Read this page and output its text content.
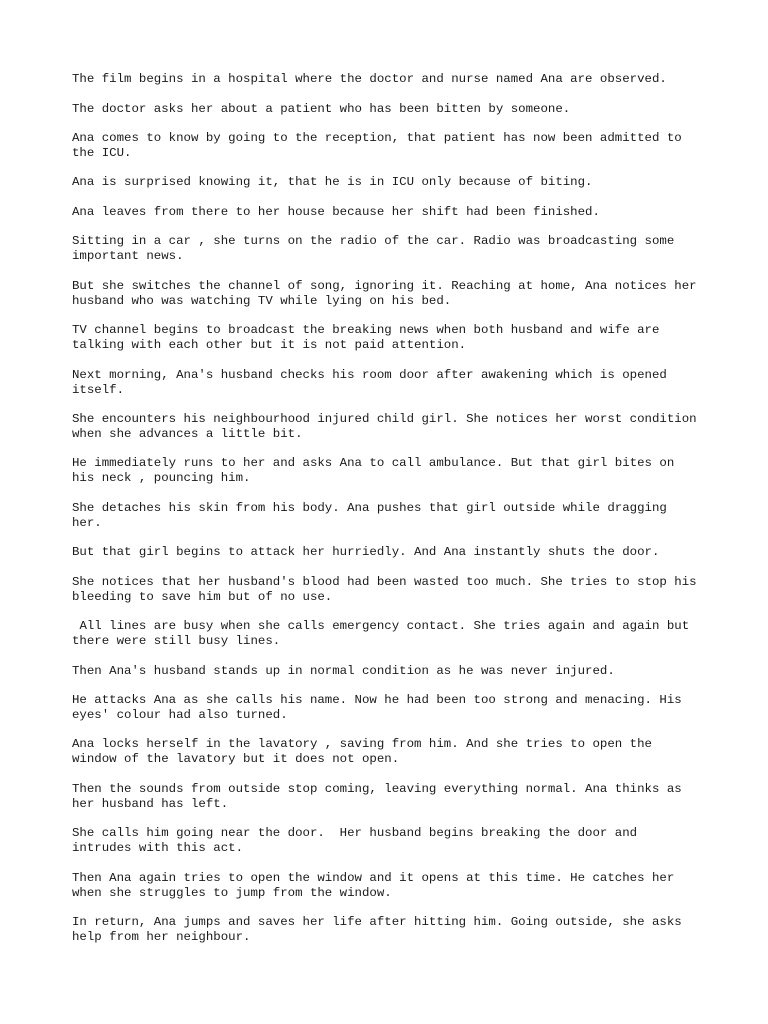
The film begins in a hospital where the doctor and nurse named Ana are observed.

The doctor asks her about a patient who has been bitten by someone.

Ana comes to know by going to the reception, that patient has now been admitted to the ICU.

Ana is surprised knowing it, that he is in ICU only because of biting.

Ana leaves from there to her house because her shift had been finished.

Sitting in a car , she turns on the radio of the car. Radio was broadcasting some important news.

But she switches the channel of song, ignoring it. Reaching at home, Ana notices her husband who was watching TV while lying on his bed.

TV channel begins to broadcast the breaking news when both husband and wife are talking with each other but it is not paid attention.

Next morning, Ana's husband checks his room door after awakening which is opened itself.

She encounters his neighbourhood injured child girl. She notices her worst condition when she advances a little bit.

He immediately runs to her and asks Ana to call ambulance. But that girl bites on his neck , pouncing him.

She detaches his skin from his body. Ana pushes that girl outside while dragging her.

But that girl begins to attack her hurriedly. And Ana instantly shuts the door.

She notices that her husband's blood had been wasted too much. She tries to stop his bleeding to save him but of no use.

All lines are busy when she calls emergency contact. She tries again and again but there were still busy lines.

Then Ana's husband stands up in normal condition as he was never injured.

He attacks Ana as she calls his name. Now he had been too strong and menacing. His eyes' colour had also turned.

Ana locks herself in the lavatory , saving from him. And she tries to open the window of the lavatory but it does not open.

Then the sounds from outside stop coming, leaving everything normal. Ana thinks as her husband has left.

She calls him going near the door.  Her husband begins breaking the door and intrudes with this act.

Then Ana again tries to open the window and it opens at this time. He catches her when she struggles to jump from the window.

In return, Ana jumps and saves her life after hitting him. Going outside, she asks help from her neighbour.
